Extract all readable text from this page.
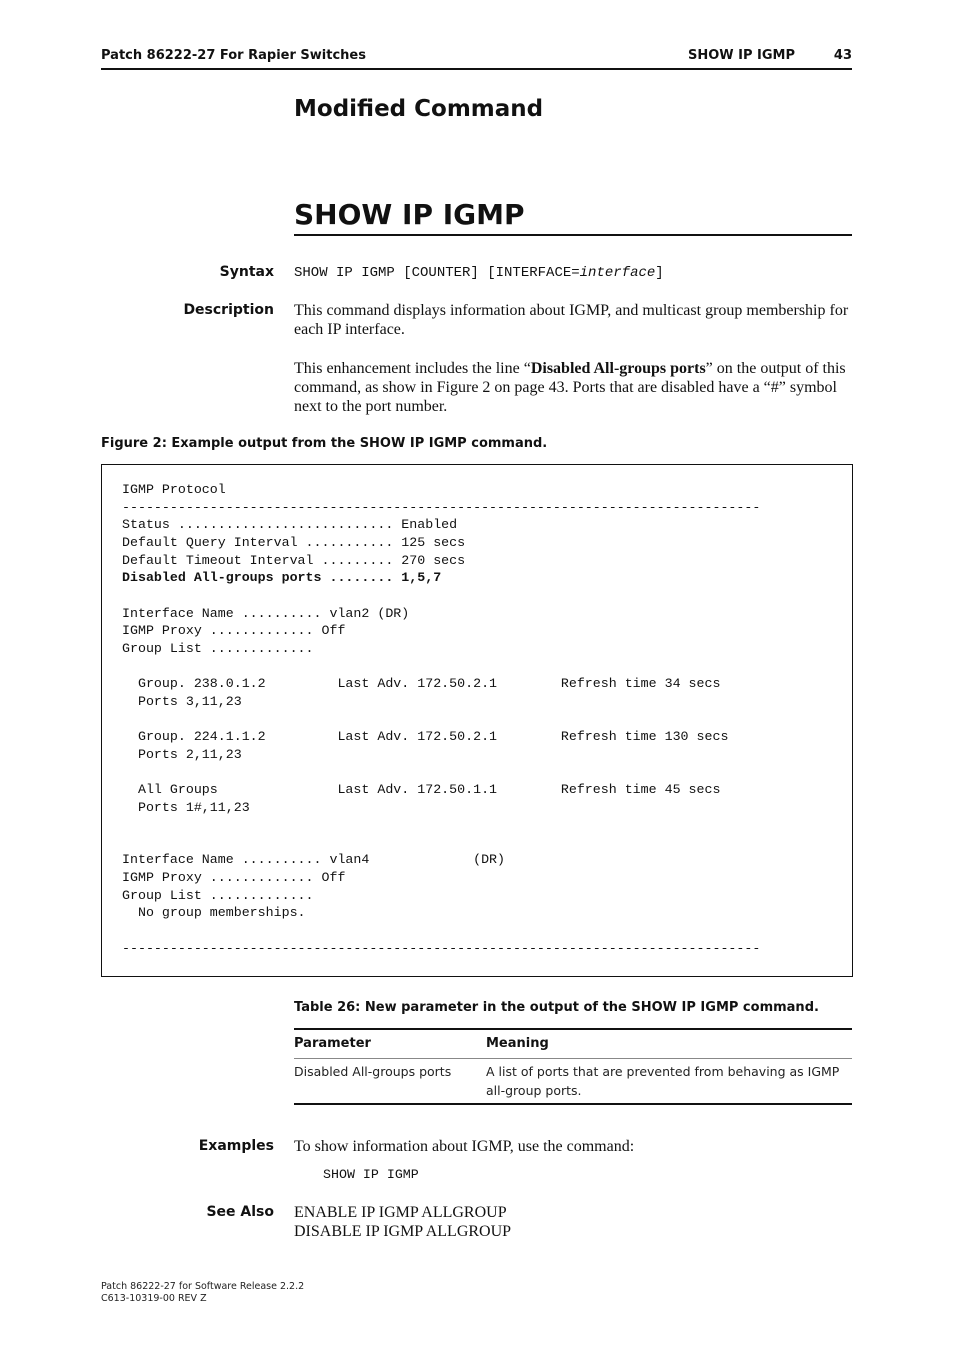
Patch 86222-27 For Rapier Switches	SHOW IP IGMP	43
Modified Command
SHOW IP IGMP
Syntax SHOW IP IGMP [COUNTER] [INTERFACE=interface]
Description This command displays information about IGMP, and multicast group membership for each IP interface.
This enhancement includes the line “Disabled All-groups ports” on the output of this command, as show in Figure 2 on page 43. Ports that are disabled have a “#” symbol next to the port number.
Figure 2: Example output from the SHOW IP IGMP command.
IGMP Protocol
--------------------------------------------------------------------------------
Status ........................... Enabled
Default Query Interval ........... 125 secs
Default Timeout Interval ......... 270 secs
Disabled All-groups ports ........ 1,5,7
Interface Name .......... vlan2 (DR)
IGMP Proxy ............. Off
Group List .............
Group. 238.0.1.2         Last Adv. 172.50.2.1        Refresh time 34 secs
Ports 3,11,23
Group. 224.1.1.2         Last Adv. 172.50.2.1        Refresh time 130 secs
Ports 2,11,23
All Groups               Last Adv. 172.50.1.1        Refresh time 45 secs
Ports 1#,11,23
Interface Name .......... vlan4             (DR)
IGMP Proxy ............. Off
Group List .............
No group memberships.
--------------------------------------------------------------------------------
Table 26: New parameter in the output of the SHOW IP IGMP command.
Parameter	Meaning
Disabled All-groups ports	A list of ports that are prevented from behaving as IGMP all-group ports.
Examples To show information about IGMP, use the command:
SHOW IP IGMP
See Also ENABLE IP IGMP ALLGROUP
DISABLE IP IGMP ALLGROUP
Patch 86222-27 for Software Release 2.2.2
C613-10319-00 REV Z
